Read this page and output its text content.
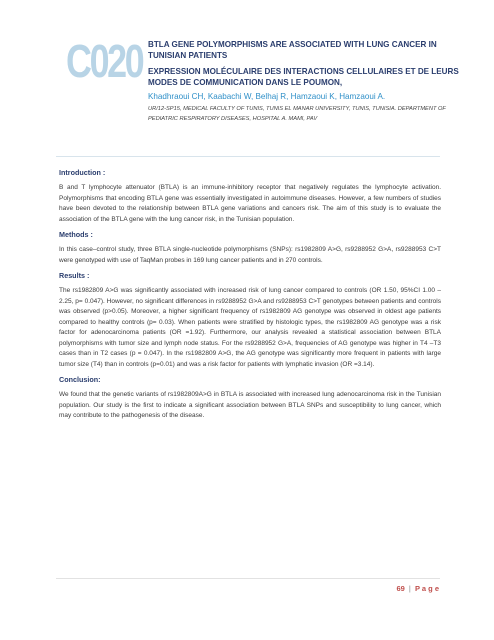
C020 BTLA GENE POLYMORPHISMS ARE ASSOCIATED WITH LUNG CANCER IN TUNISIAN PATIENTS

EXPRESSION MOLÉCULAIRE DES INTERACTIONS CELLULAIRES ET DE LEURS MODES DE COMMUNICATION DANS LE POUMON,

Khadhraoui CH, Kaabachi W, Belhaj R, Hamzaoui K, Hamzaoui A.

UR/12-SP15, MEDICAL FACULTY OF TUNIS, TUNIS EL MANAR UNIVERSITY, TUNIS, TUNISIA. DEPARTMENT OF PEDIATRIC RESPIRATORY DISEASES, HOSPITAL A. MAMI, PAV

Introduction :

B and T lymphocyte attenuator (BTLA) is an immune-inhibitory receptor that negatively regulates the lymphocyte activation. Polymorphisms that encoding BTLA gene was essentially investigated in autoimmune diseases. However, a few numbers of studies have been devoted to the relationship between BTLA gene variations and cancers risk. The aim of this study is to evaluate the association of the BTLA gene with the lung cancer risk, in the Tunisian population.

Methods :

In this case–control study, three BTLA single-nucleotide polymorphisms (SNPs): rs1982809 A>G, rs9288952 G>A, rs9288953 C>T were genotyped with use of TaqMan probes in 169 lung cancer patients and in 270 controls.

Results :

The rs1982809 A>G was significantly associated with increased risk of lung cancer compared to controls (OR 1.50, 95%CI 1.00 – 2.25, p= 0.047). However, no significant differences in rs9288952 G>A and rs9288953 C>T genotypes between patients and controls was observed (p>0.05). Moreover, a higher significant frequency of rs1982809 AG genotype was observed in oldest age patients compared to healthy controls (p= 0.03). When patients were stratified by histologic types, the rs1982809 AG genotype was a risk factor for adenocarcinoma patients (OR =1.92). Furthermore, our analysis revealed a statistical association between BTLA polymorphisms with tumor size and lymph node status. For the rs9288952 G>A, frequencies of AG genotype was higher in T4 –T3 cases than in T2 cases (p = 0.047). In the rs1982809 A>G, the AG genotype was significantly more frequent in patients with large tumor size (T4) than in controls (p=0.01) and was a risk factor for patients with lymphatic invasion (OR =3.14).

Conclusion:

We found that the genetic variants of rs1982809A>G in BTLA is associated with increased lung adenocarcinoma risk in the Tunisian population. Our study is the first to indicate a significant association between BTLA SNPs and susceptibility to lung cancer, which may contribute to the pathogenesis of the disease.

69 | P a g e
